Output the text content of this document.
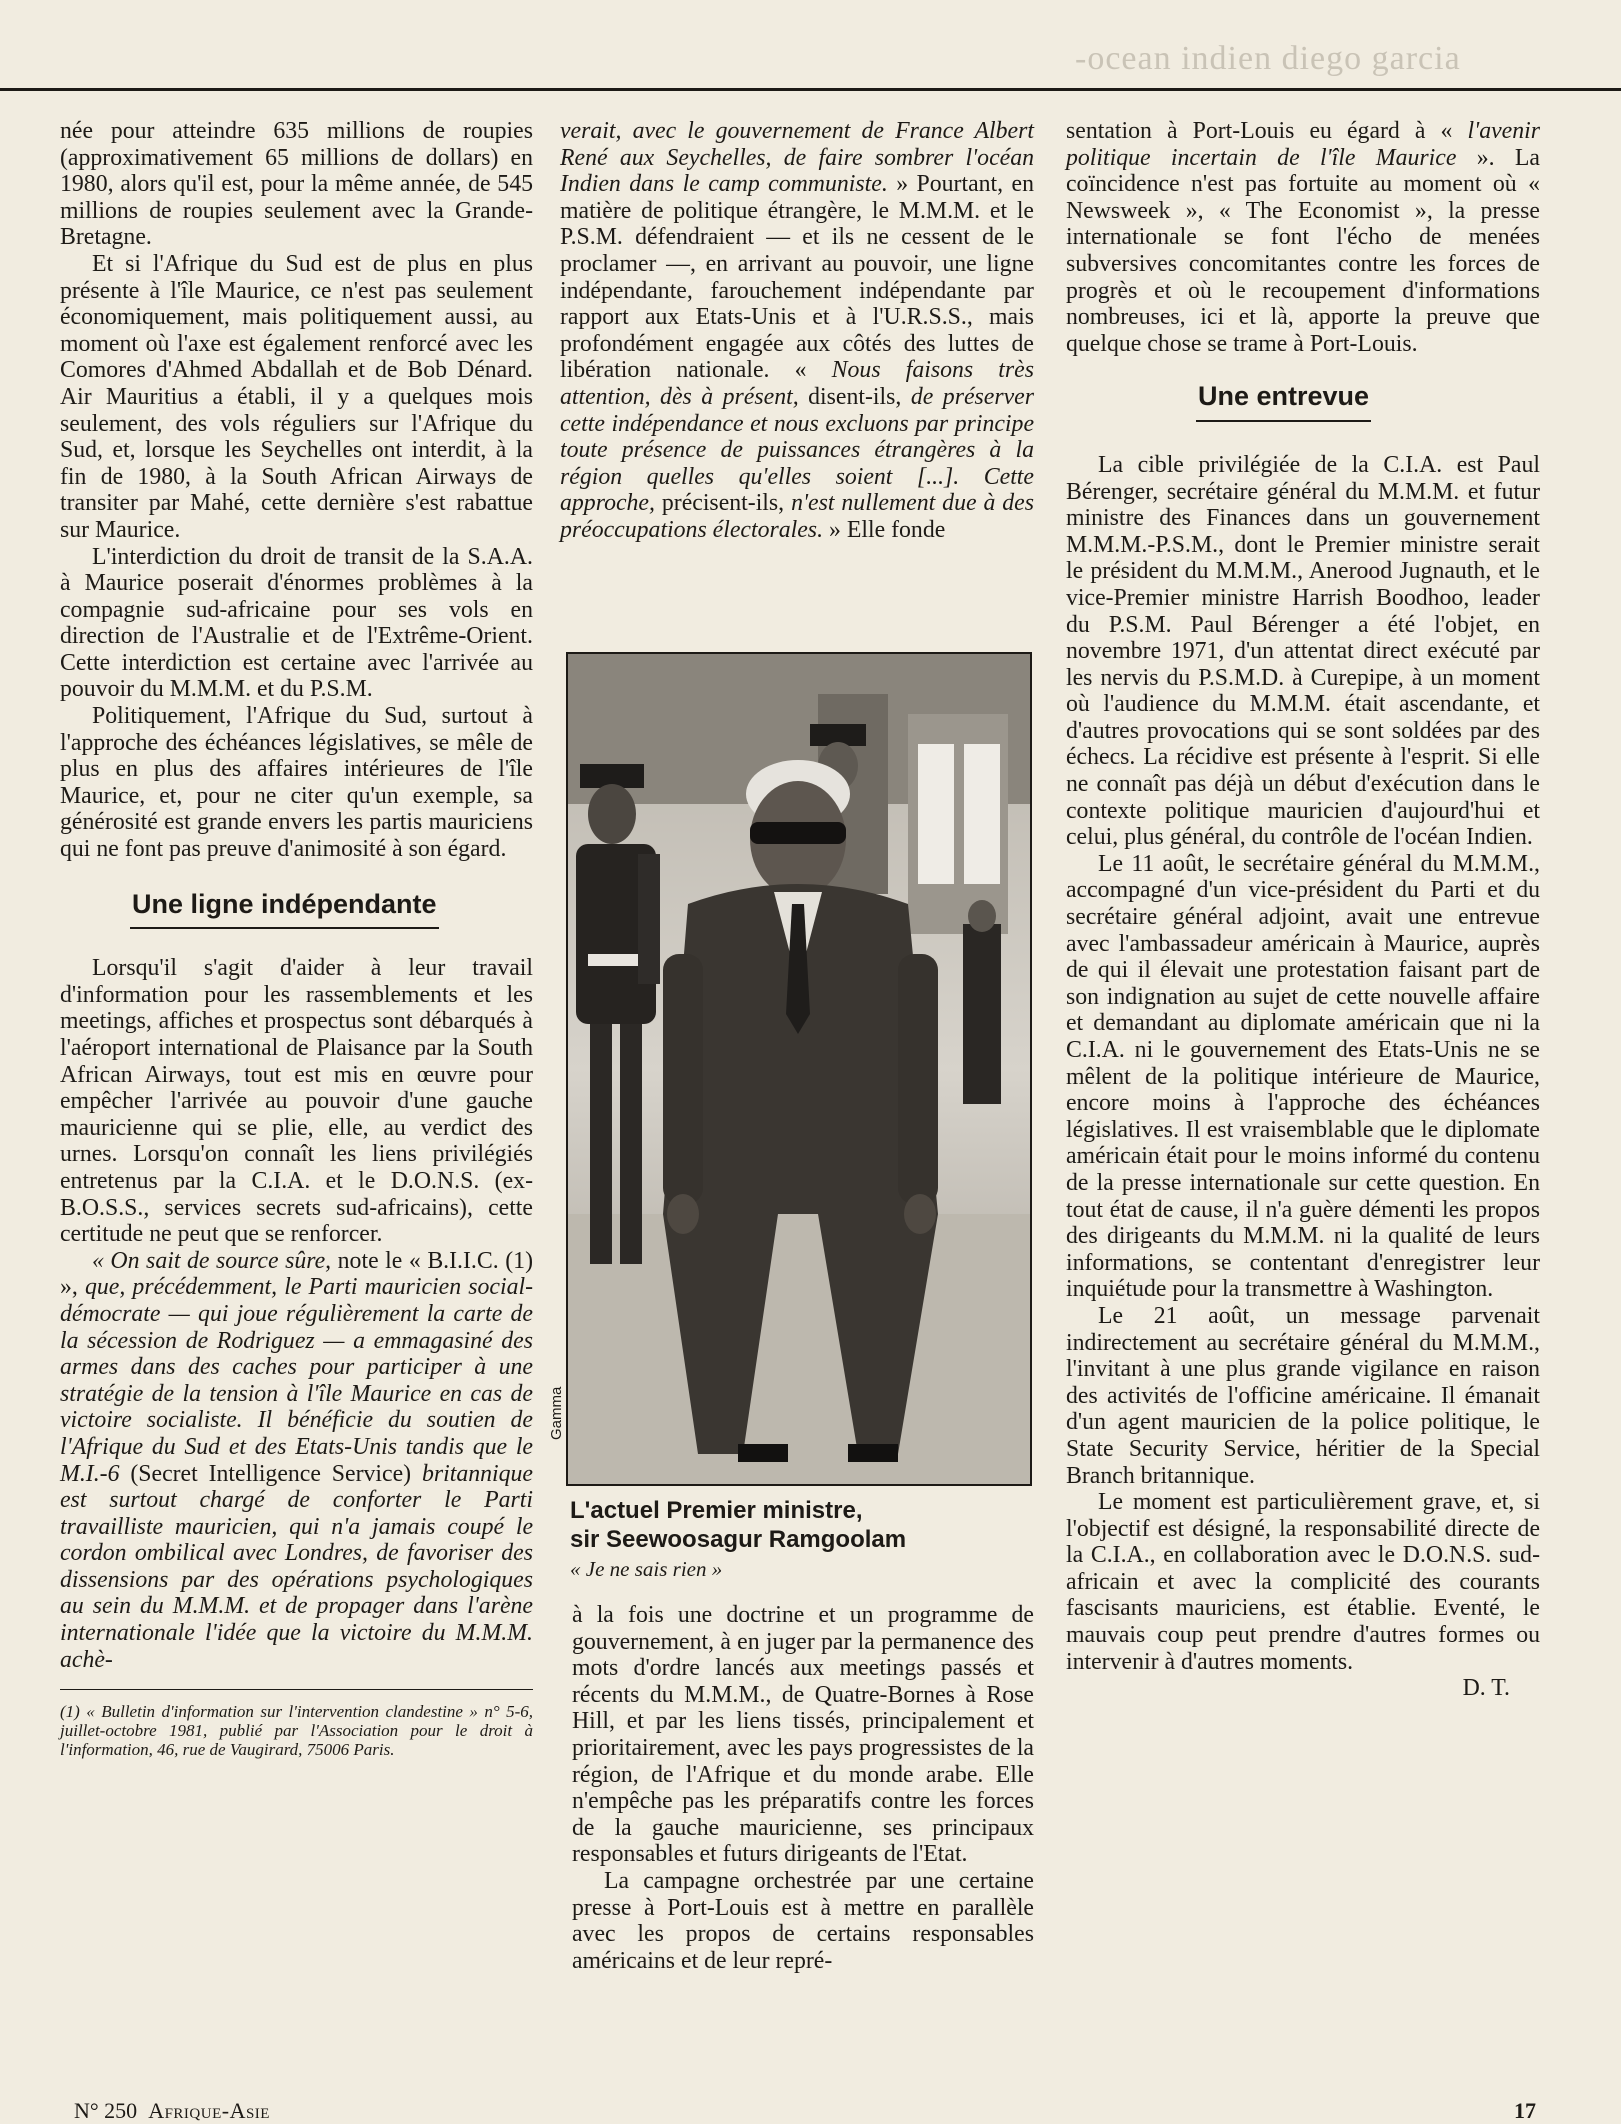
-ocean indien diego garcia

née pour atteindre 635 millions de roupies (approximativement 65 millions de dollars) en 1980, alors qu'il est, pour la même année, de 545 millions de roupies seulement avec la Grande-Bretagne.

Et si l'Afrique du Sud est de plus en plus présente à l'île Maurice, ce n'est pas seulement économiquement, mais politiquement aussi, au moment où l'axe est également renforcé avec les Comores d'Ahmed Abdallah et de Bob Dénard. Air Mauritius a établi, il y a quelques mois seulement, des vols réguliers sur l'Afrique du Sud, et, lorsque les Seychelles ont interdit, à la fin de 1980, à la South African Airways de transiter par Mahé, cette dernière s'est rabattue sur Maurice.

L'interdiction du droit de transit de la S.A.A. à Maurice poserait d'énormes problèmes à la compagnie sud-africaine pour ses vols en direction de l'Australie et de l'Extrême-Orient. Cette interdiction est certaine avec l'arrivée au pouvoir du M.M.M. et du P.S.M.

Politiquement, l'Afrique du Sud, surtout à l'approche des échéances législatives, se mêle de plus en plus des affaires intérieures de l'île Maurice, et, pour ne citer qu'un exemple, sa générosité est grande envers les partis mauriciens qui ne font pas preuve d'animosité à son égard.

Une ligne indépendante

Lorsqu'il s'agit d'aider à leur travail d'information pour les rassemblements et les meetings, affiches et prospectus sont débarqués à l'aéroport international de Plaisance par la South African Airways, tout est mis en œuvre pour empêcher l'arrivée au pouvoir d'une gauche mauricienne qui se plie, elle, au verdict des urnes. Lorsqu'on connaît les liens privilégiés entretenus par la C.I.A. et le D.O.N.S. (ex-B.O.S.S., services secrets sud-africains), cette certitude ne peut que se renforcer.

« On sait de source sûre, note le « B.I.I.C. (1) », que, précédemment, le Parti mauricien social-démocrate — qui joue régulièrement la carte de la sécession de Rodriguez — a emmagasiné des armes dans des caches pour participer à une stratégie de la tension à l'île Maurice en cas de victoire socialiste. Il bénéficie du soutien de l'Afrique du Sud et des Etats-Unis tandis que le M.I.-6 (Secret Intelligence Service) britannique est surtout chargé de conforter le Parti travailliste mauricien, qui n'a jamais coupé le cordon ombilical avec Londres, de favoriser des dissensions par des opérations psychologiques au sein du M.M.M. et de propager dans l'arène internationale l'idée que la victoire du M.M.M. achè-

(1) « Bulletin d'information sur l'intervention clandestine » n° 5-6, juillet-octobre 1981, publié par l'Association pour le droit à l'information, 46, rue de Vaugirard, 75006 Paris.

verait, avec le gouvernement de France Albert René aux Seychelles, de faire sombrer l'océan Indien dans le camp communiste. » Pourtant, en matière de politique étrangère, le M.M.M. et le P.S.M. défendraient — et ils ne cessent de le proclamer —, en arrivant au pouvoir, une ligne indépendante, farouchement indépendante par rapport aux Etats-Unis et à l'U.R.S.S., mais profondément engagée aux côtés des luttes de libération nationale. « Nous faisons très attention, dès à présent, disent-ils, de préserver cette indépendance et nous excluons par principe toute présence de puissances étrangères à la région quelles qu'elles soient [...]. Cette approche, précisent-ils, n'est nullement due à des préoccupations électorales. » Elle fonde

Gamma
L'actuel Premier ministre,
sir Seewoosagur Ramgoolam
« Je ne sais rien »

à la fois une doctrine et un programme de gouvernement, à en juger par la permanence des mots d'ordre lancés aux meetings passés et récents du M.M.M., de Quatre-Bornes à Rose Hill, et par les liens tissés, principalement et prioritairement, avec les pays progressistes de la région, de l'Afrique et du monde arabe. Elle n'empêche pas les préparatifs contre les forces de la gauche mauricienne, ses principaux responsables et futurs dirigeants de l'Etat.

La campagne orchestrée par une certaine presse à Port-Louis est à mettre en parallèle avec les propos de certains responsables américains et de leur repré-

sentation à Port-Louis eu égard à « l'avenir politique incertain de l'île Maurice ». La coïncidence n'est pas fortuite au moment où « Newsweek », « The Economist », la presse internationale se font l'écho de menées subversives concomitantes contre les forces de progrès et où le recoupement d'informations nombreuses, ici et là, apporte la preuve que quelque chose se trame à Port-Louis.

Une entrevue

La cible privilégiée de la C.I.A. est Paul Bérenger, secrétaire général du M.M.M. et futur ministre des Finances dans un gouvernement M.M.M.-P.S.M., dont le Premier ministre serait le président du M.M.M., Anerood Jugnauth, et le vice-Premier ministre Harrish Boodhoo, leader du P.S.M. Paul Bérenger a été l'objet, en novembre 1971, d'un attentat direct exécuté par les nervis du P.S.M.D. à Curepipe, à un moment où l'audience du M.M.M. était ascendante, et d'autres provocations qui se sont soldées par des échecs. La récidive est présente à l'esprit. Si elle ne connaît pas déjà un début d'exécution dans le contexte politique mauricien d'aujourd'hui et celui, plus général, du contrôle de l'océan Indien.

Le 11 août, le secrétaire général du M.M.M., accompagné d'un vice-président du Parti et du secrétaire général adjoint, avait une entrevue avec l'ambassadeur américain à Maurice, auprès de qui il élevait une protestation faisant part de son indignation au sujet de cette nouvelle affaire et demandant au diplomate américain que ni la C.I.A. ni le gouvernement des Etats-Unis ne se mêlent de la politique intérieure de Maurice, encore moins à l'approche des échéances législatives. Il est vraisemblable que le diplomate américain était pour le moins informé du contenu de la presse internationale sur cette question. En tout état de cause, il n'a guère démenti les propos des dirigeants du M.M.M. ni la qualité de leurs informations, se contentant d'enregistrer leur inquiétude pour la transmettre à Washington.

Le 21 août, un message parvenait indirectement au secrétaire général du M.M.M., l'invitant à une plus grande vigilance en raison des activités de l'officine américaine. Il émanait d'un agent mauricien de la police politique, le State Security Service, héritier de la Special Branch britannique.

Le moment est particulièrement grave, et, si l'objectif est désigné, la responsabilité directe de la C.I.A., en collaboration avec le D.O.N.S. sud-africain et avec la complicité des courants fascisants mauriciens, est établie. Eventé, le mauvais coup peut prendre d'autres formes ou intervenir à d'autres moments.

D. T.

N° 250 Afrique-Asie	17
